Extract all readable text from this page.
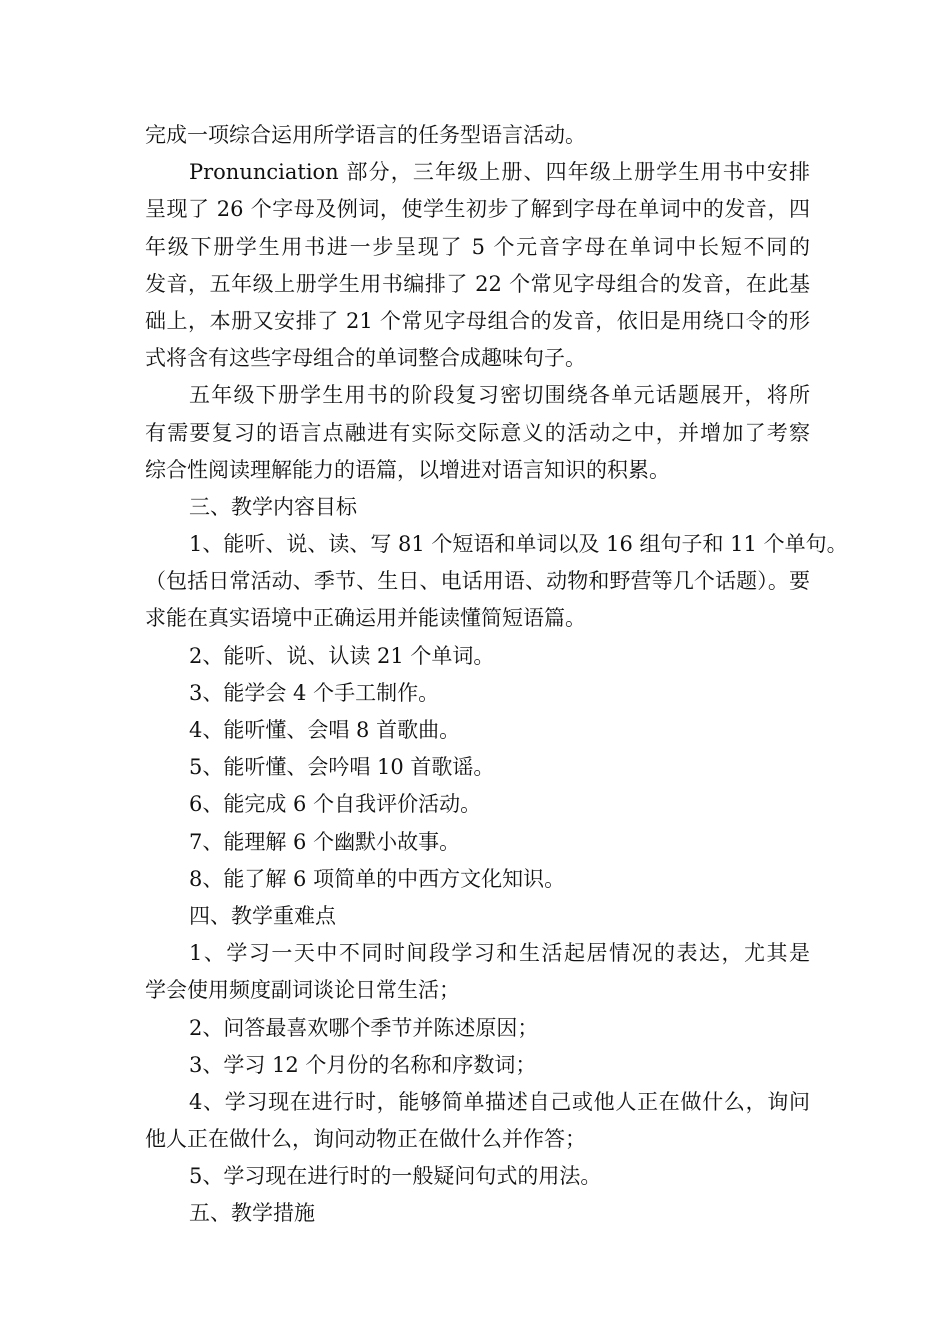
完成一项综合运用所学语言的任务型语言活动。
Pronunciation 部分，三年级上册、四年级上册学生用书中安排
呈现了 26 个字母及例词，使学生初步了解到字母在单词中的发音，四
年级下册学生用书进一步呈现了 5 个元音字母在单词中长短不同的
发音，五年级上册学生用书编排了 22 个常见字母组合的发音，在此基
础上，本册又安排了 21 个常见字母组合的发音，依旧是用绕口令的形
式将含有这些字母组合的单词整合成趣味句子。
五年级下册学生用书的阶段复习密切围绕各单元话题展开，将所
有需要复习的语言点融进有实际交际意义的活动之中，并增加了考察
综合性阅读理解能力的语篇，以增进对语言知识的积累。
三、教学内容目标
1、能听、说、读、写 81 个短语和单词以及 16 组句子和 11 个单句。
（包括日常活动、季节、生日、电话用语、动物和野营等几个话题）。要
求能在真实语境中正确运用并能读懂简短语篇。
2、能听、说、认读 21 个单词。
3、能学会 4 个手工制作。
4、能听懂、会唱 8 首歌曲。
5、能听懂、会吟唱 10 首歌谣。
6、能完成 6 个自我评价活动。
7、能理解 6 个幽默小故事。
8、能了解 6 项简单的中西方文化知识。
四、教学重难点
1、学习一天中不同时间段学习和生活起居情况的表达，尤其是
学会使用频度副词谈论日常生活；
2、问答最喜欢哪个季节并陈述原因；
3、学习 12 个月份的名称和序数词；
4、学习现在进行时，能够简单描述自己或他人正在做什么，询问
他人正在做什么，询问动物正在做什么并作答；
5、学习现在进行时的一般疑问句式的用法。
五、教学措施
